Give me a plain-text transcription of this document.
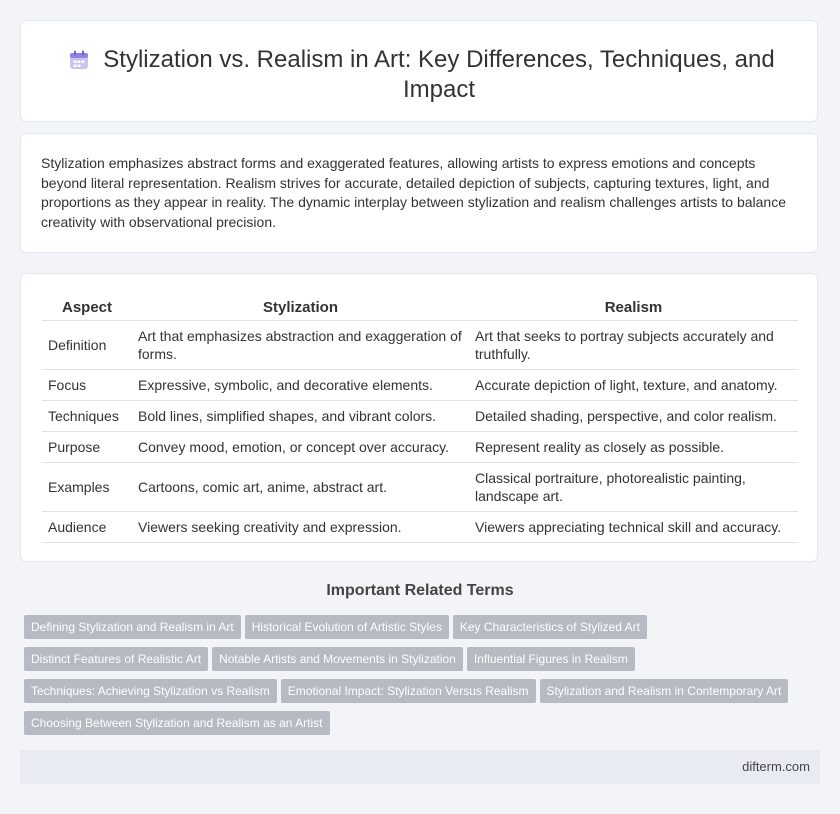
Stylization vs. Realism in Art: Key Differences, Techniques, and Impact

Stylization emphasizes abstract forms and exaggerated features, allowing artists to express emotions and concepts beyond literal representation. Realism strives for accurate, detailed depiction of subjects, capturing textures, light, and proportions as they appear in reality. The dynamic interplay between stylization and realism challenges artists to balance creativity with observational precision.

Aspect	Stylization	Realism
Definition	Art that emphasizes abstraction and exaggeration of forms.	Art that seeks to portray subjects accurately and truthfully.
Focus	Expressive, symbolic, and decorative elements.	Accurate depiction of light, texture, and anatomy.
Techniques	Bold lines, simplified shapes, and vibrant colors.	Detailed shading, perspective, and color realism.
Purpose	Convey mood, emotion, or concept over accuracy.	Represent reality as closely as possible.
Examples	Cartoons, comic art, anime, abstract art.	Classical portraiture, photorealistic painting, landscape art.
Audience	Viewers seeking creativity and expression.	Viewers appreciating technical skill and accuracy.
Important Related Terms
Defining Stylization and Realism in Art Historical Evolution of Artistic Styles Key Characteristics of Stylized Art
Distinct Features of Realistic Art Notable Artists and Movements in Stylization Influential Figures in Realism
Techniques: Achieving Stylization vs Realism Emotional Impact: Stylization Versus Realism Stylization and Realism in Contemporary Art
Choosing Between Stylization and Realism as an Artist
difterm.com
